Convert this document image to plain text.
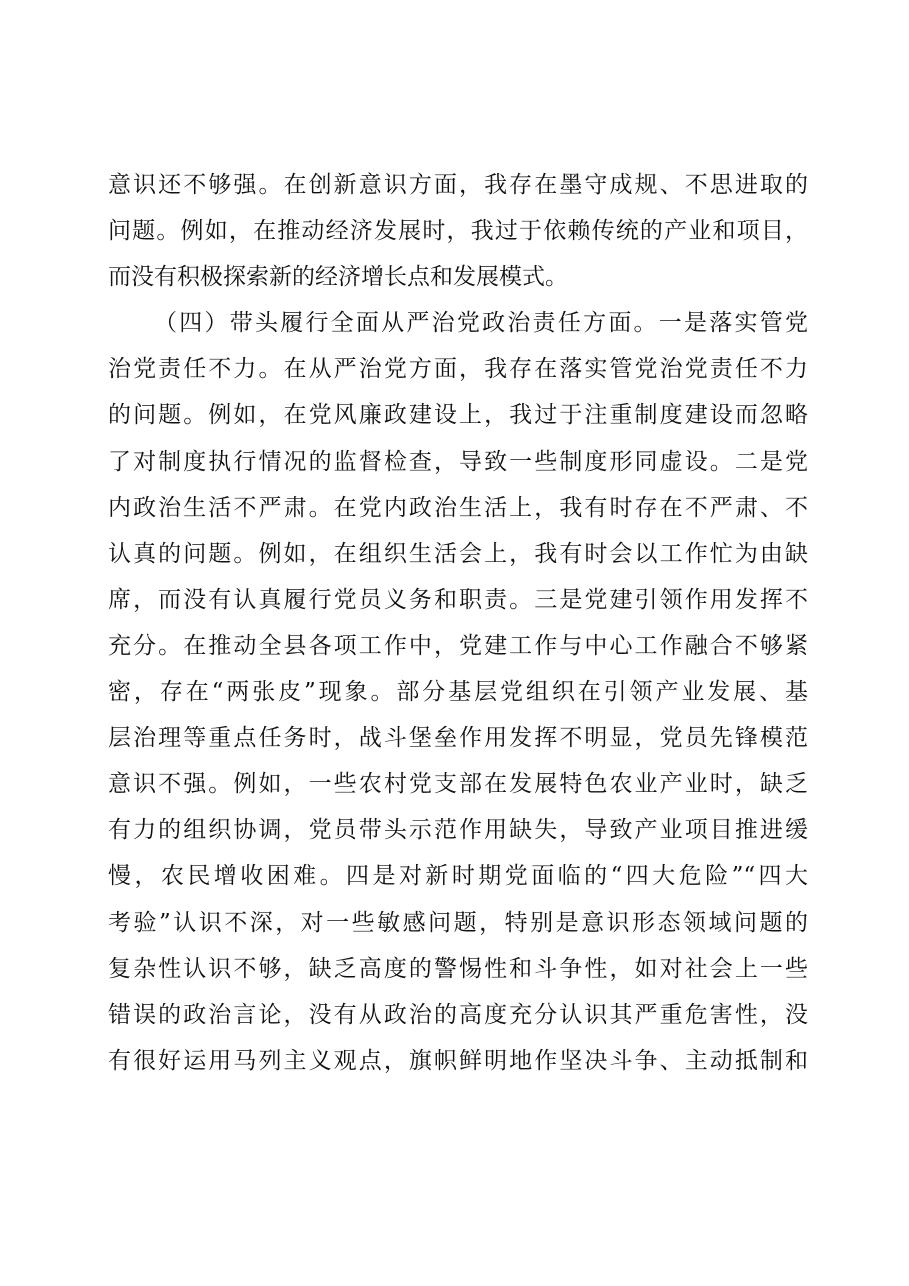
意识还不够强。在创新意识方面，我存在墨守成规、不思进取的
问题。例如，在推动经济发展时，我过于依赖传统的产业和项目，
而没有积极探索新的经济增长点和发展模式。
（四）带头履行全面从严治党政治责任方面。一是落实管党
治党责任不力。在从严治党方面，我存在落实管党治党责任不力
的问题。例如，在党风廉政建设上，我过于注重制度建设而忽略
了对制度执行情况的监督检查，导致一些制度形同虚设。二是党
内政治生活不严肃。在党内政治生活上，我有时存在不严肃、不
认真的问题。例如，在组织生活会上，我有时会以工作忙为由缺
席，而没有认真履行党员义务和职责。三是党建引领作用发挥不
充分。在推动全县各项工作中，党建工作与中心工作融合不够紧
密，存在“两张皮”现象。部分基层党组织在引领产业发展、基
层治理等重点任务时，战斗堡垒作用发挥不明显，党员先锋模范
意识不强。例如，一些农村党支部在发展特色农业产业时，缺乏
有力的组织协调，党员带头示范作用缺失，导致产业项目推进缓
慢，农民增收困难。四是对新时期党面临的“四大危险”“四大
考验”认识不深，对一些敏感问题，特别是意识形态领域问题的
复杂性认识不够，缺乏高度的警惕性和斗争性，如对社会上一些
错误的政治言论，没有从政治的高度充分认识其严重危害性，没
有很好运用马列主义观点，旗帜鲜明地作坚决斗争、主动抵制和
